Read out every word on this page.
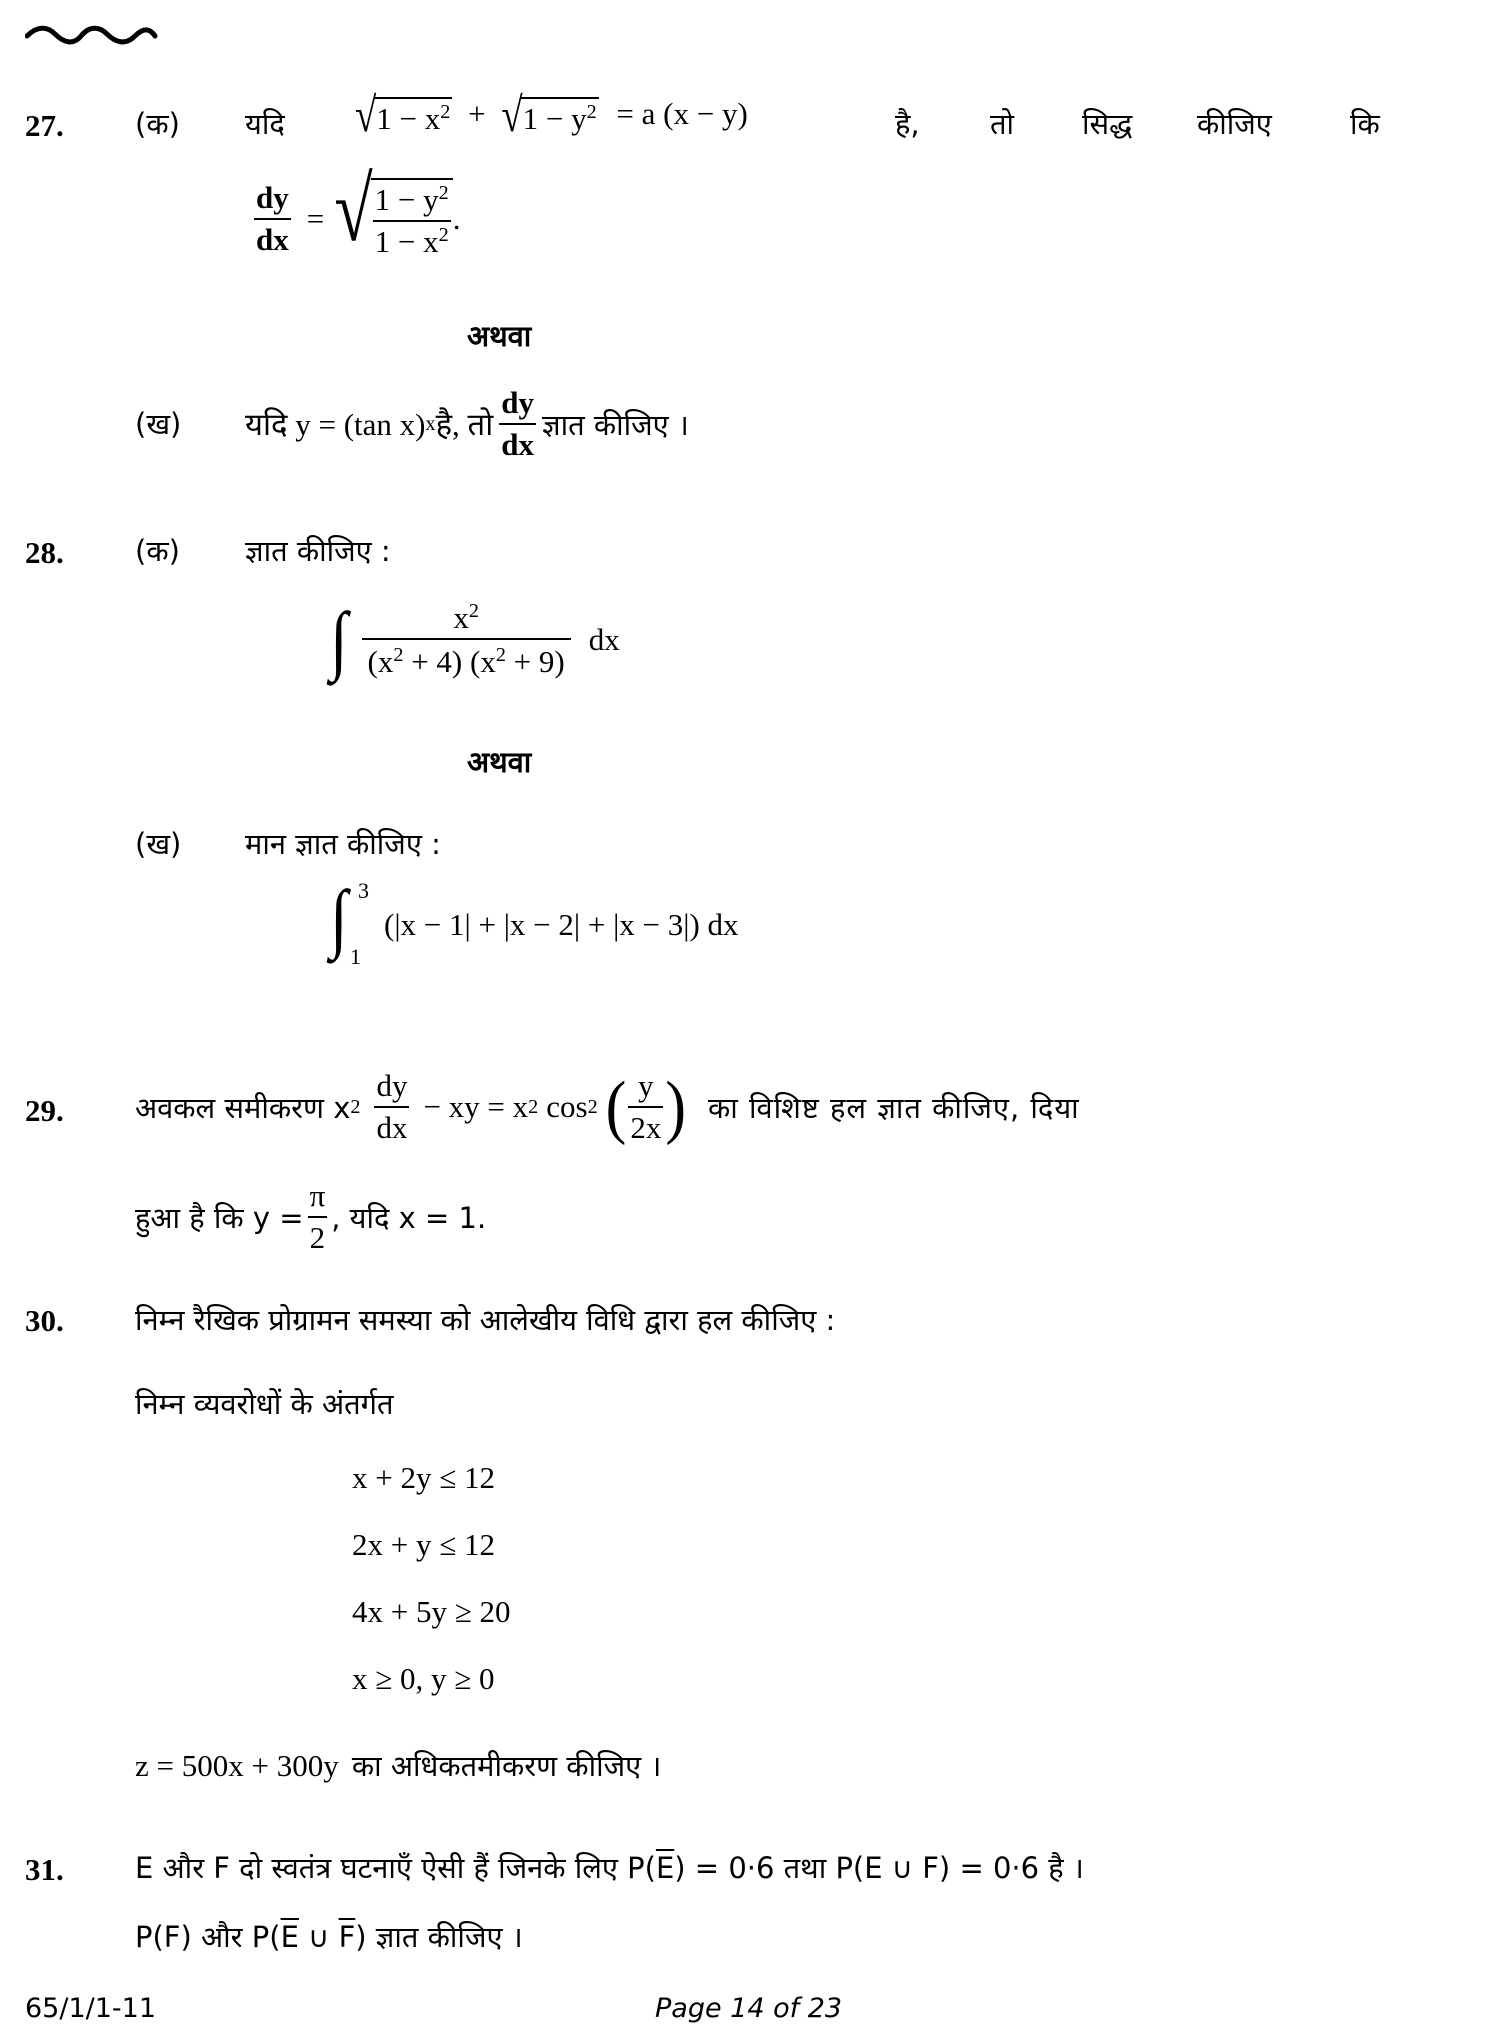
27. (क) यदि √ $1 - x^2$ + √ $1 - y^2 = a$ (x − y)	है, तो सिद्ध कीजिए	कि
$\frac{dy}{dx}$ = √ $\frac{1 - y^2}{1 - x^2}$ .
अथवा
(ख) यदि y = (tan x) x है, तो $\frac{dy}{dx}$ ज्ञात कीजिए ।
28. (क) ज्ञात कीजिए :
∫ $\frac{x^2}{(x^2 + 4) (x^2 + 9)}$ dx
अथवा
(ख) मान ज्ञात कीजिए :
∫ 3
1
(|x − 1| + |x − 2| + |x − 3|) dx
29. अवकल समीकरण x $2 \frac{dy}{dx}$ − xy = x 2 cos 2 ( $\frac{y}{2x}$ ) का विशिष्ट हल ज्ञात कीजिए, दिया
हुआ है कि $y = \frac{\pi}{2}$ , यदि x = 1.
30. निम्न रैखिक प्रोग्रामन समस्या को आलेखीय विधि द्वारा हल कीजिए :
निम्न व्यवरोधों के अंतर्गत
x + 2y ≤ 12
2x + y ≤ 12
4x + 5y ≥ 20
x ≥ 0, y ≥ 0
z = 500x + 300y का अधिकतमीकरण कीजिए ।
31. E और F दो स्वतंत्र घटनाएँ ऐसी हैं जिनके लिए $P(\overline{E}) = 0\cdot 6$ तथा P(E ∪ F) = 0·6 है ।
P(F) और $P(\overline{E}$ ∪ $\overline{F}$) ज्ञात कीजिए ।
65/1/1-11	Page 14 of 23
